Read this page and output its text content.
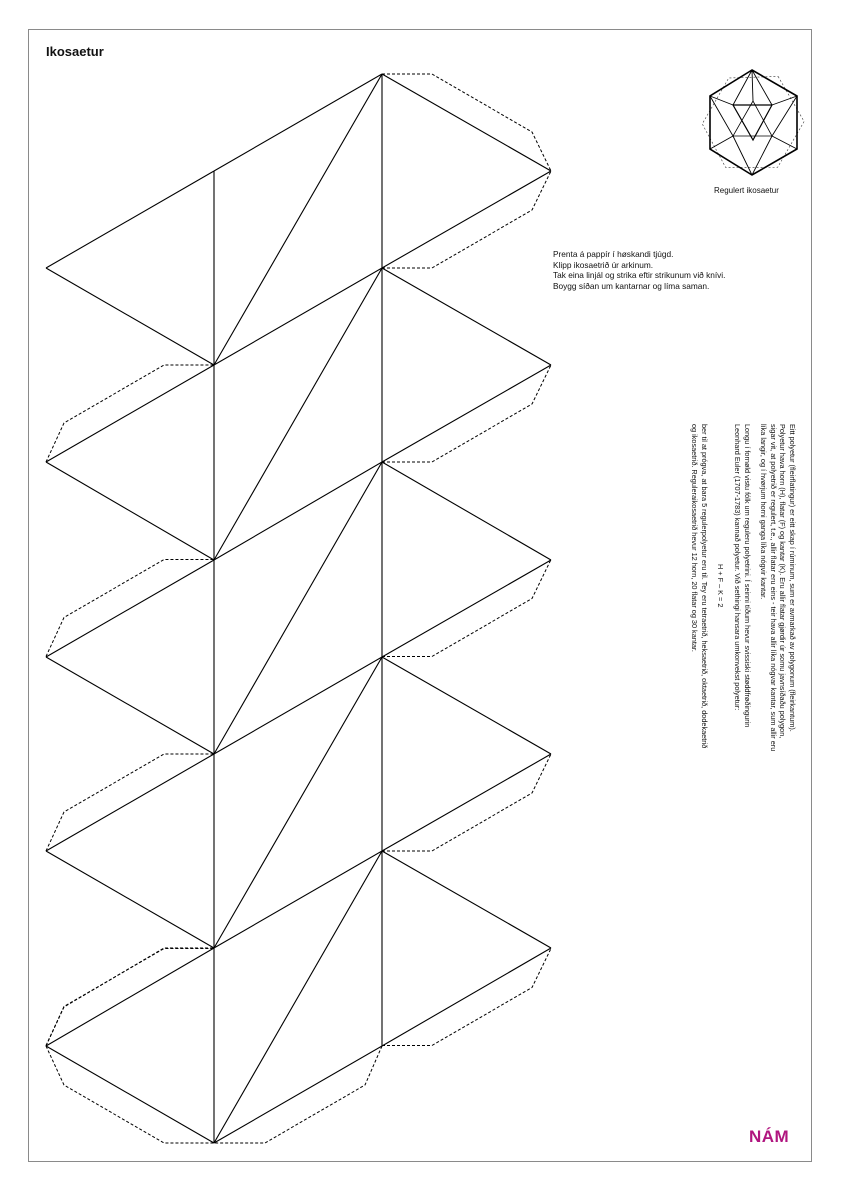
Ikosaetur
Regulert ikosaetur
Prenta á pappír í høskandi tjúgd.
Klipp ikosaetrið úr arkinum.
Tak eina linjál og strika eftir strikunum við knívi.
Boygg síðan um kantarnar og líma saman.

Eitt polyetur (fleirflatingur) er eitt skap í rúminum, sum er avmarkað av polygonum (fleirkantum). Polyetur hava horn (H), flatar (F) og kantar (K). Eru allir flatar gjørdir úr somu javnsíðaðu polygon, sigar vit, at polyetrið er regulert, t.e., allir flatar eru eins - teir hava allir líka nógvar kantar, sum allir eru líka langir, og í hvørjum horni ganga líka nógvir kantar.

Longu í fornøld vistu fólk um reguleru polyetrini. Í seinni tíðum hevur svissiski støddfrøðingurin Leonhard Euler (1707-1783) kannað polyetur. Við sethingi hansara umkonvekst polyetur:

H + F – K = 2

ber til at prógva, at bara 5 regulerpolyetur eru til. Tey eru tetraetrið, heksaetrið, oktaetrið, dodekaetrið og ikosaetrið. Reguleraikosaetrið hevur 12 horn, 20 flatar og 30 kantar.

NÁM
